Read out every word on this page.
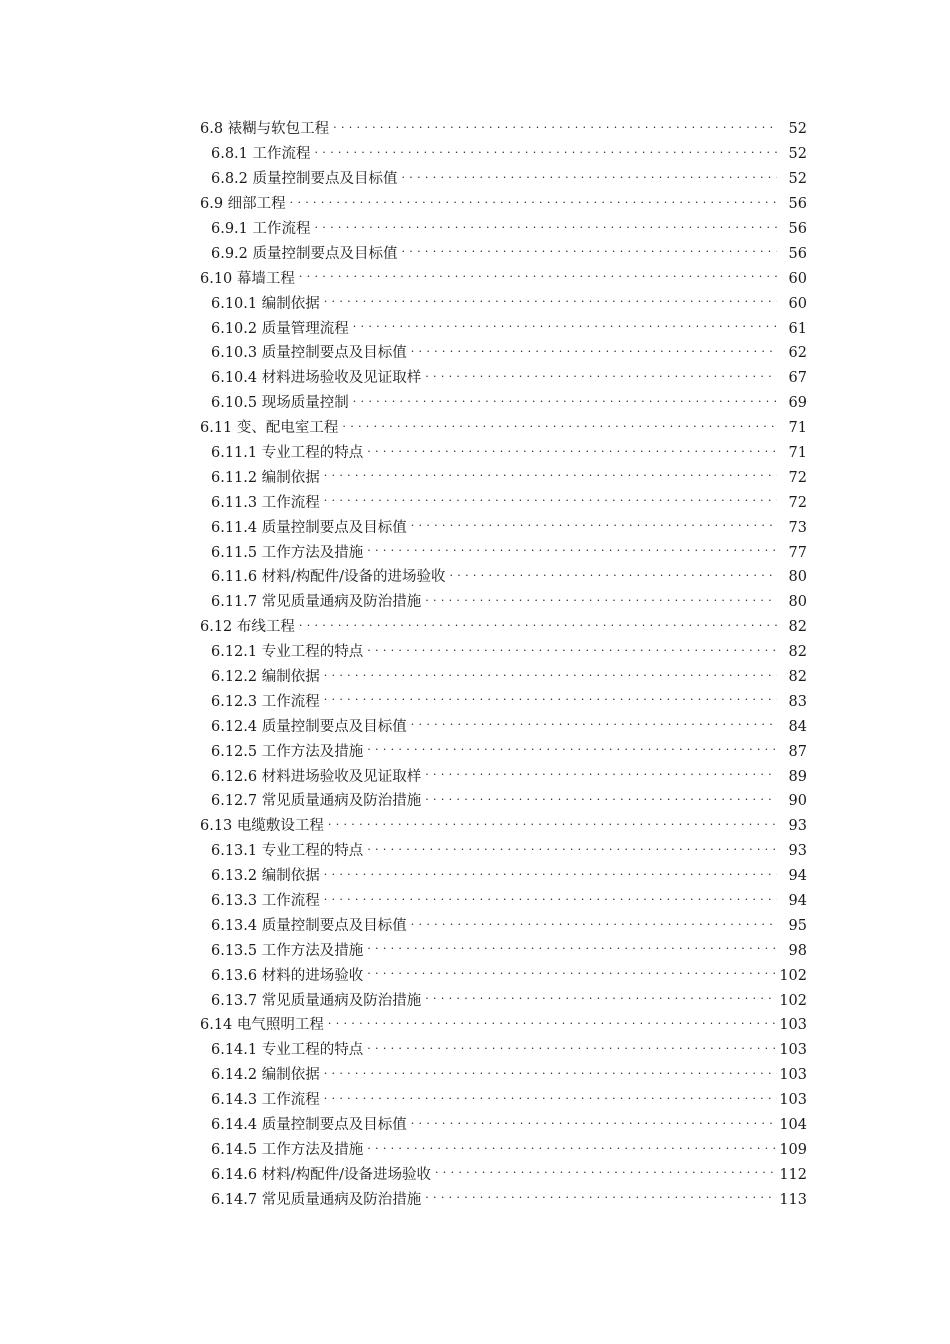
6.8 裱糊与软包工程 . . .	52
6.8.1 工作流程 . . .	52
6.8.2 质量控制要点及目标值 . . .	52
6.9 细部工程 . . .	56
6.9.1 工作流程 . . .	56
6.9.2 质量控制要点及目标值 . . .	56
6.10 幕墙工程 . . .	60
6.10.1 编制依据 . . .	60
6.10.2 质量管理流程 . . .	61
6.10.3 质量控制要点及目标值 . . .	62
6.10.4 材料进场验收及见证取样 . . .	67
6.10.5 现场质量控制 . . .	69
6.11 变、配电室工程 . . .	71
6.11.1 专业工程的特点 . . .	71
6.11.2 编制依据 . . .	72
6.11.3 工作流程 . . .	72
6.11.4 质量控制要点及目标值 . . .	73
6.11.5 工作方法及措施 . . .	77
6.11.6 材料/构配件/设备的进场验收 . . .	80
6.11.7 常见质量通病及防治措施 . . .	80
6.12 布线工程 . . .	82
6.12.1 专业工程的特点 . . .	82
6.12.2 编制依据 . . .	82
6.12.3 工作流程 . . .	83
6.12.4 质量控制要点及目标值 . . .	84
6.12.5 工作方法及措施 . . .	87
6.12.6 材料进场验收及见证取样 . . .	89
6.12.7 常见质量通病及防治措施 . . .	90
6.13 电缆敷设工程 . . .	93
6.13.1 专业工程的特点 . . .	93
6.13.2 编制依据 . . .	94
6.13.3 工作流程 . . .	94
6.13.4 质量控制要点及目标值 . . .	95
6.13.5 工作方法及措施 . . .	98
6.13.6 材料的进场验收 . . .	102
6.13.7 常见质量通病及防治措施 . . .	102
6.14 电气照明工程 . . .	103
6.14.1 专业工程的特点 . . .	103
6.14.2 编制依据 . . .	103
6.14.3 工作流程 . . .	103
6.14.4 质量控制要点及目标值 . . .	104
6.14.5 工作方法及措施 . . .	109
6.14.6 材料/构配件/设备进场验收 . . .	112
6.14.7 常见质量通病及防治措施 . . .	113
